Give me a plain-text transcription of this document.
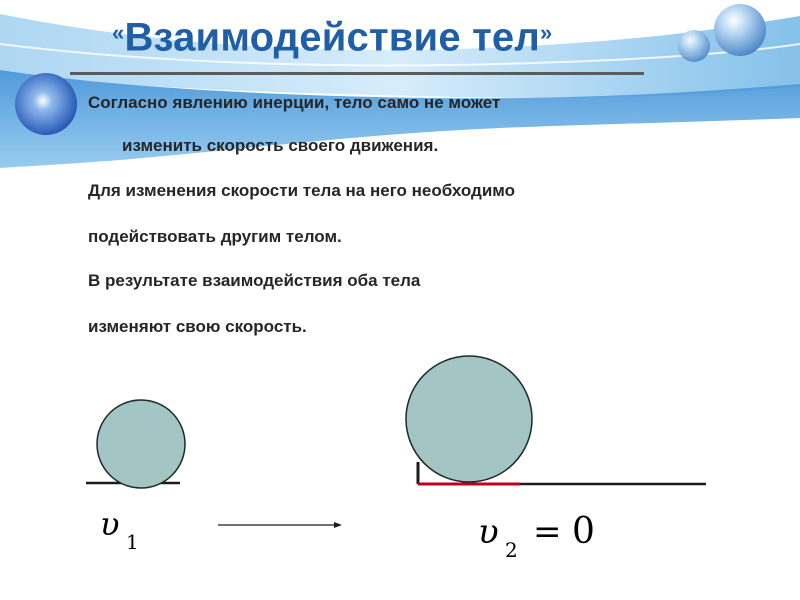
«Взаимодействие тел»

Согласно явлению инерции, тело само не может

изменить скорость своего движения.

Для изменения скорости тела на него необходимо

подействовать другим телом.

В результате взаимодействия оба тела

изменяют свою скорость.

υ 1	υ 2 = 0
